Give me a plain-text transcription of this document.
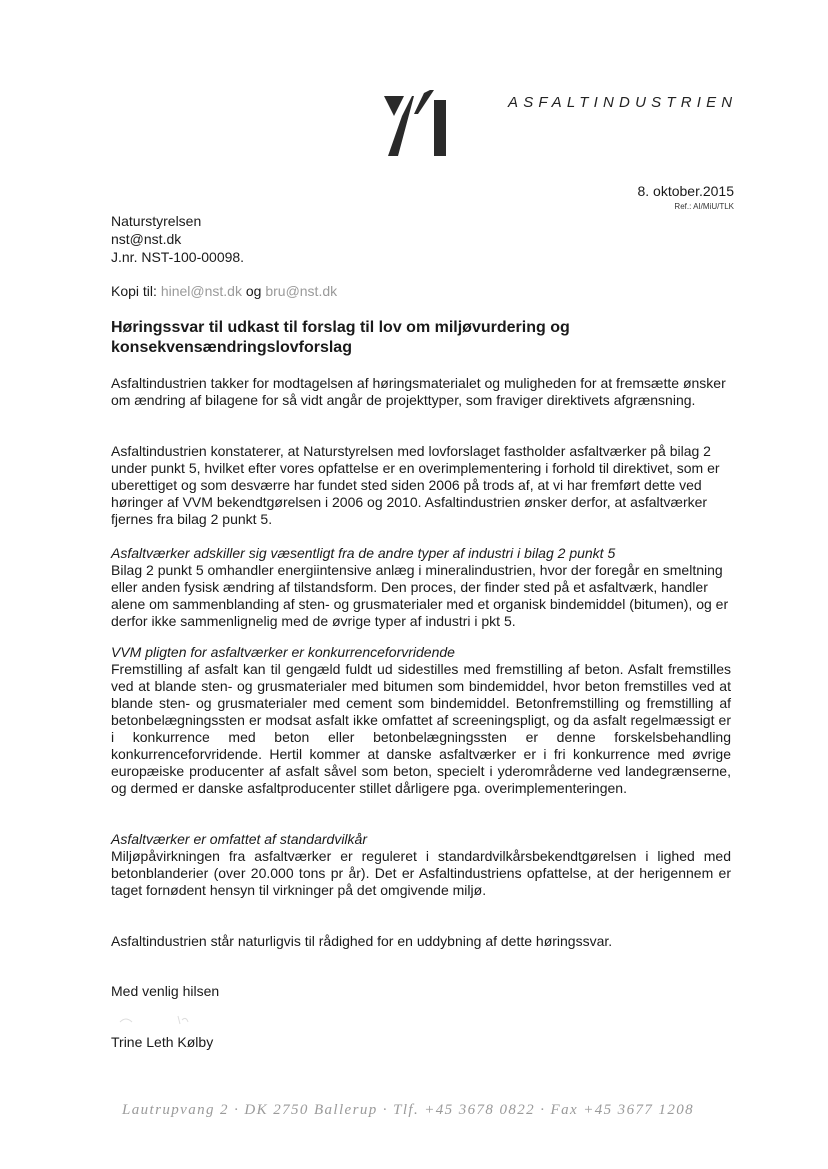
ASFALTINDUSTRIEN
8. oktober.2015
Ref.: AI/MiU/TLK
Naturstyrelsen
nst@nst.dk
J.nr. NST-100-00098.
Kopi til: hinel@nst.dk og bru@nst.dk
Høringssvar til udkast til forslag til lov om miljøvurdering og konsekvensændringslovforslag

Asfaltindustrien takker for modtagelsen af høringsmaterialet og muligheden for at fremsætte ønsker om ændring af bilagene for så vidt angår de projekttyper, som fraviger direktivets afgrænsning.

Asfaltindustrien konstaterer, at Naturstyrelsen med lovforslaget fastholder asfaltværker på bilag 2 under punkt 5, hvilket efter vores opfattelse er en overimplementering i forhold til direktivet, som er uberettiget og som desværre har fundet sted siden 2006 på trods af, at vi har fremført dette ved høringer af VVM bekendtgørelsen i 2006 og 2010. Asfaltindustrien ønsker derfor, at asfaltværker fjernes fra bilag 2 punkt 5.

Asfaltværker adskiller sig væsentligt fra de andre typer af industri i bilag 2 punkt 5
Bilag 2 punkt 5 omhandler energiintensive anlæg i mineralindustrien, hvor der foregår en smeltning eller anden fysisk ændring af tilstandsform. Den proces, der finder sted på et asfaltværk, handler alene om sammenblanding af sten- og grusmaterialer med et organisk bindemiddel (bitumen), og er derfor ikke sammenlignelig med de øvrige typer af industri i pkt 5.
VVM pligten for asfaltværker er konkurrenceforvridende
Fremstilling af asfalt kan til gengæld fuldt ud sidestilles med fremstilling af beton. Asfalt fremstilles ved at blande sten- og grusmaterialer med bitumen som bindemiddel, hvor beton fremstilles ved at blande sten- og grusmaterialer med cement som bindemiddel. Betonfremstilling og fremstilling af betonbelægningssten er modsat asfalt ikke omfattet af screeningspligt, og da asfalt regelmæssigt er i konkurrence med beton eller betonbelægningssten er denne forskelsbehandling konkurrenceforvridende. Hertil kommer at danske asfaltværker er i fri konkurrence med øvrige europæiske producenter af asfalt såvel som beton, specielt i yderområderne ved landegrænserne, og dermed er danske asfaltproducenter stillet dårligere pga. overimplementeringen.
Asfaltværker er omfattet af standardvilkår
Miljøpåvirkningen fra asfaltværker er reguleret i standardvilkårsbekendtgørelsen i lighed med betonblanderier (over 20.000 tons pr år). Det er Asfaltindustriens opfattelse, at der herigennem er taget fornødent hensyn til virkninger på det omgivende miljø.

Asfaltindustrien står naturligvis til rådighed for en uddybning af dette høringssvar.

Med venlig hilsen
Trine Leth Kølby
Lautrupvang 2 · DK 2750 Ballerup · Tlf. +45 3678 0822 · Fax +45 3677 1208
